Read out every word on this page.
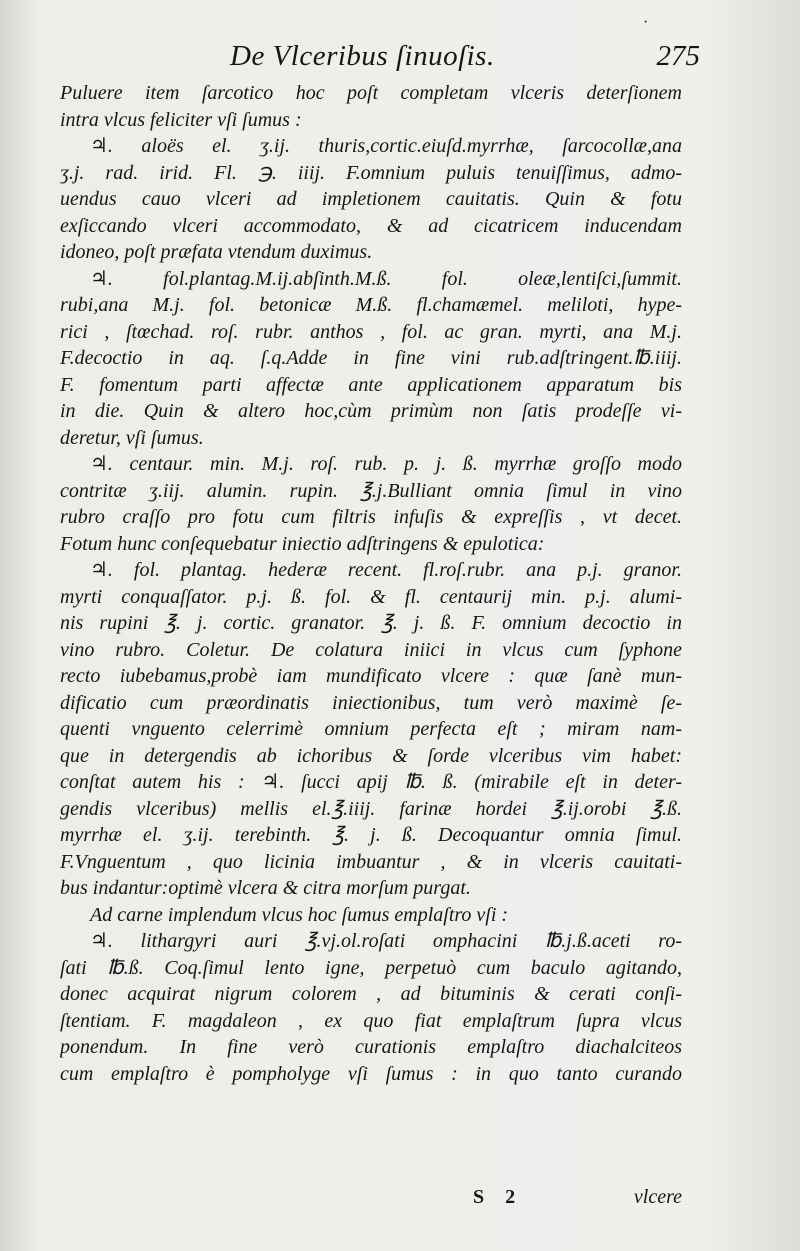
·
De Vlceribus ſinuoſis.	275
Puluere item ſarcotico hoc poſt completam vlceris deterſionem
intra vlcus feliciter vſi ſumus :
♃. aloës el. ʒ.ij. thuris,cortic.eiuſd.myrrhæ, ſarcocollæ,ana
ʒ.j. rad. irid. Fl. ℈. iiij. F.omnium puluis tenuiſſimus, admo-
uendus cauo vlceri ad impletionem cauitatis. Quin & fotu
exſiccando vlceri accommodato, & ad cicatricem inducendam
idoneo, poſt præfata vtendum duximus.
♃. fol.plantag.M.ij.abſinth.M.ß. fol. oleæ,lentiſci,ſummit.
rubi,ana M.j. fol. betonicæ M.ß. fl.chamæmel. meliloti, hype-
rici , ſtœchad. roſ. rubr. anthos , fol. ac gran. myrti, ana M.j.
F.decoctio in aq. ſ.q.Adde in fine vini rub.adſtringent.℔.iiij.
F. fomentum parti affectæ ante applicationem apparatum bis
in die. Quin & altero hoc,cùm primùm non ſatis prodeſſe vi-
deretur, vſi ſumus.
♃. centaur. min. M.j. roſ. rub. p. j. ß. myrrhæ groſſo modo
contritæ ʒ.iij. alumin. rupin. ℥.j.Bulliant omnia ſimul in vino
rubro craſſo pro fotu cum filtris infuſis & expreſſis , vt decet.
Fotum hunc conſequebatur iniectio adſtringens & epulotica:
♃. fol. plantag. hederæ recent. fl.roſ.rubr. ana p.j. granor.
myrti conquaſſator. p.j. ß. fol. & fl. centaurij min. p.j. alumi-
nis rupini ℥. j. cortic. granator. ℥. j. ß. F. omnium decoctio in
vino rubro. Coletur. De colatura iniici in vlcus cum ſyphone
recto iubebamus,probè iam mundificato vlcere : quæ ſanè mun-
dificatio cum præordinatis iniectionibus, tum verò maximè ſe-
quenti vnguento celerrimè omnium perfecta eſt ; miram nam-
que in detergendis ab ichoribus & ſorde vlceribus vim habet:
conſtat autem his : ♃. ſucci apij ℔. ß. (mirabile eſt in deter-
gendis vlceribus) mellis el.℥.iiij. farinæ hordei ℥.ij.orobi ℥.ß.
myrrhæ el. ʒ.ij. terebinth. ℥. j. ß. Decoquantur omnia ſimul.
F.Vnguentum , quo licinia imbuantur , & in vlceris cauitati-
bus indantur:optimè vlcera & citra morſum purgat.
Ad carne implendum vlcus hoc ſumus emplaſtro vſi :
♃. lithargyri auri ℥.vj.ol.roſati omphacini ℔.j.ß.aceti ro-
ſati ℔.ß. Coq.ſimul lento igne, perpetuò cum baculo agitando,
donec acquirat nigrum colorem , ad bituminis & cerati conſi-
ſtentiam. F. magdaleon , ex quo fiat emplaſtrum ſupra vlcus
ponendum. In fine verò curationis emplaſtro diachalciteos
cum emplaſtro è pompholyge vſi ſumus : in quo tanto curando
S 2	vlcere
